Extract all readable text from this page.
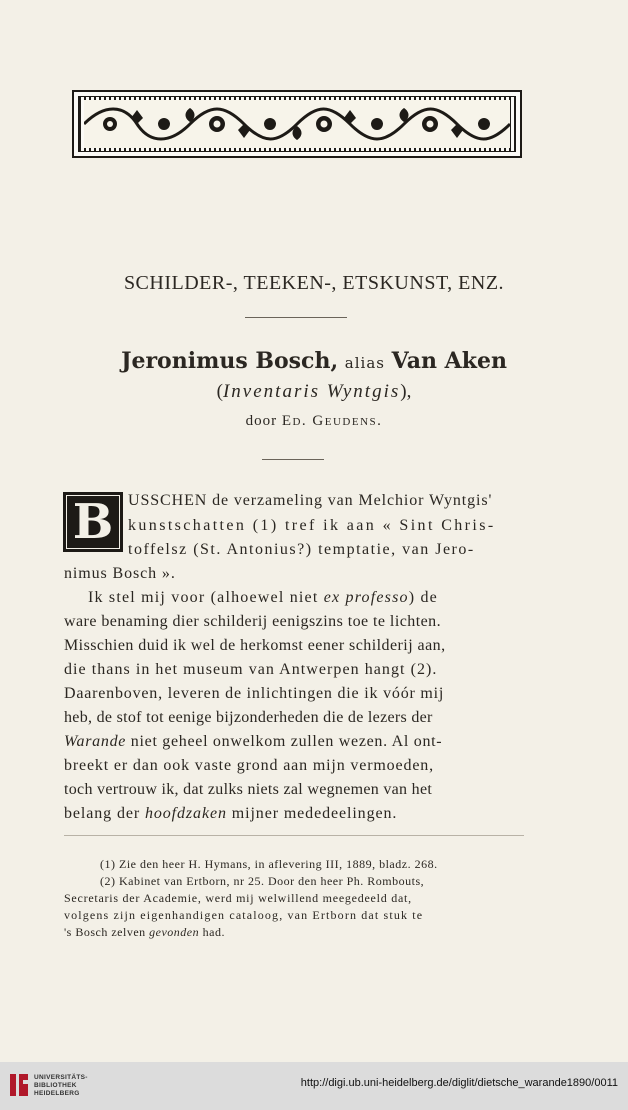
SCHILDER-, TEEKEN-, ETSKUNST, ENZ.
Jeronimus Bosch, alias Van Aken
(Inventaris Wyntgis),
door Ed. Geudens.
B USSCHEN de verzameling van Melchior Wyntgis'
kunstschatten (1) tref ik aan « Sint Chris-
toffelsz (St. Antonius?) temptatie, van Jero-
nimus Bosch ».
Ik stel mij voor (alhoewel niet ex professo) de
ware benaming dier schilderij eenigszins toe te lichten.
Misschien duid ik wel de herkomst eener schilderij aan,
die thans in het museum van Antwerpen hangt (2).
Daarenboven, leveren de inlichtingen die ik vóór mij
heb, de stof tot eenige bijzonderheden die de lezers der
Warande niet geheel onwelkom zullen wezen. Al ont-
breekt er dan ook vaste grond aan mijn vermoeden,
toch vertrouw ik, dat zulks niets zal wegnemen van het
belang der hoofdzaken mijner mededeelingen.
(1) Zie den heer H. Hymans, in aflevering III, 1889, bladz. 268.
(2) Kabinet van Ertborn, nr 25. Door den heer Ph. Rombouts,
Secretaris der Academie, werd mij welwillend meegedeeld dat,
volgens zijn eigenhandigen cataloog, van Ertborn dat stuk te
's Bosch zelven gevonden had.
UNIVERSITÄTS-
BIBLIOTHEK
HEIDELBERG
http://digi.ub.uni-heidelberg.de/diglit/dietsche_warande1890/0011
